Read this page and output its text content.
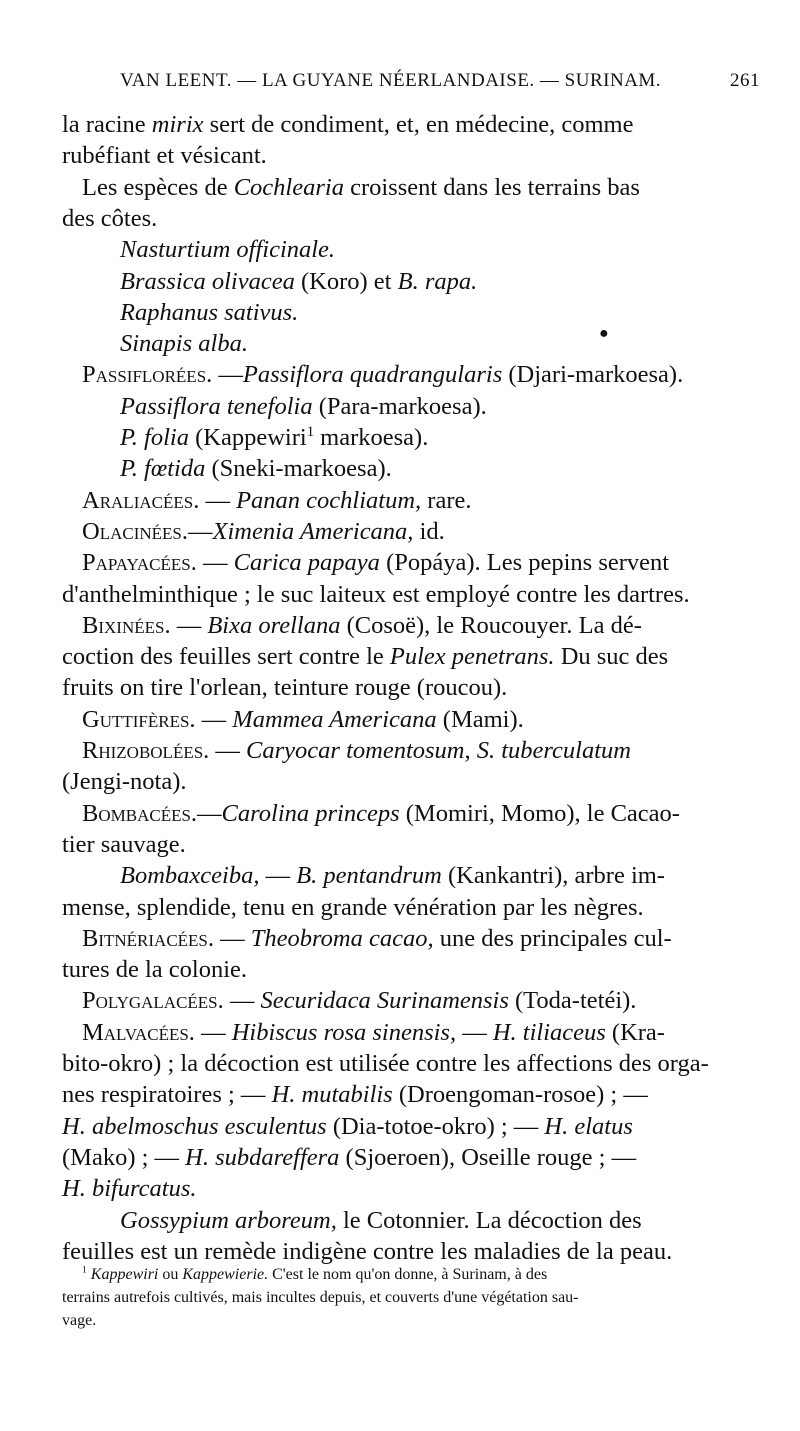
VAN LEENT. — LA GUYANE NÉERLANDAISE. — SURINAM.	261
la racine mirix sert de condiment, et, en médecine, comme
rubéfiant et vésicant.
Les espèces de Cochlearia croissent dans les terrains bas
des côtes.
Nasturtium officinale.
Brassica olivacea (Koro) et B. rapa.
Raphanus sativus.
Sinapis alba.
Passiflorées. —Passiflora quadrangularis (Djari-markoesa).
Passiflora tenefolia (Para-markoesa).
P. folia (Kappewiri$^1$ markoesa).
P. fœtida (Sneki-markoesa).
Araliacées. — Panan cochliatum, rare.
Olacinées.—Ximenia Americana, id.
Papayacées. — Carica papaya (Popáya). Les pepins servent
d'anthelminthique ; le suc laiteux est employé contre les dartres.
Bixinées. — Bixa orellana (Cosoë), le Roucouyer. La dé-
coction des feuilles sert contre le Pulex penetrans. Du suc des
fruits on tire l'orlean, teinture rouge (roucou).
Guttifères. — Mammea Americana (Mami).
Rhizobolées. — Caryocar tomentosum, S. tuberculatum
(Jengi-nota).
Bombacées.—Carolina princeps (Momiri, Momo), le Cacao-
tier sauvage.
Bombaxceiba, — B. pentandrum (Kankantri), arbre im-
mense, splendide, tenu en grande vénération par les nègres.
Bitnériacées. — Theobroma cacao, une des principales cul-
tures de la colonie.
Polygalacées. — Securidaca Surinamensis (Toda-tetéi).
Malvacées. — Hibiscus rosa sinensis, — H. tiliaceus (Kra-
bito-okro) ; la décoction est utilisée contre les affections des orga-
nes respiratoires ; — H. mutabilis (Droengoman-rosoe) ; —
H. abelmoschus esculentus (Dia-totoe-okro) ; — H. elatus
(Mako) ; — H. subdareffera (Sjoeroen), Oseille rouge ; —
H. bifurcatus.
Gossypium arboreum, le Cotonnier. La décoction des
feuilles est un remède indigène contre les maladies de la peau.
●
$^1$ Kappewiri ou Kappewierie. C'est le nom qu'on donne, à Surinam, à des
terrains autrefois cultivés, mais incultes depuis, et couverts d'une végétation sau-
vage.
